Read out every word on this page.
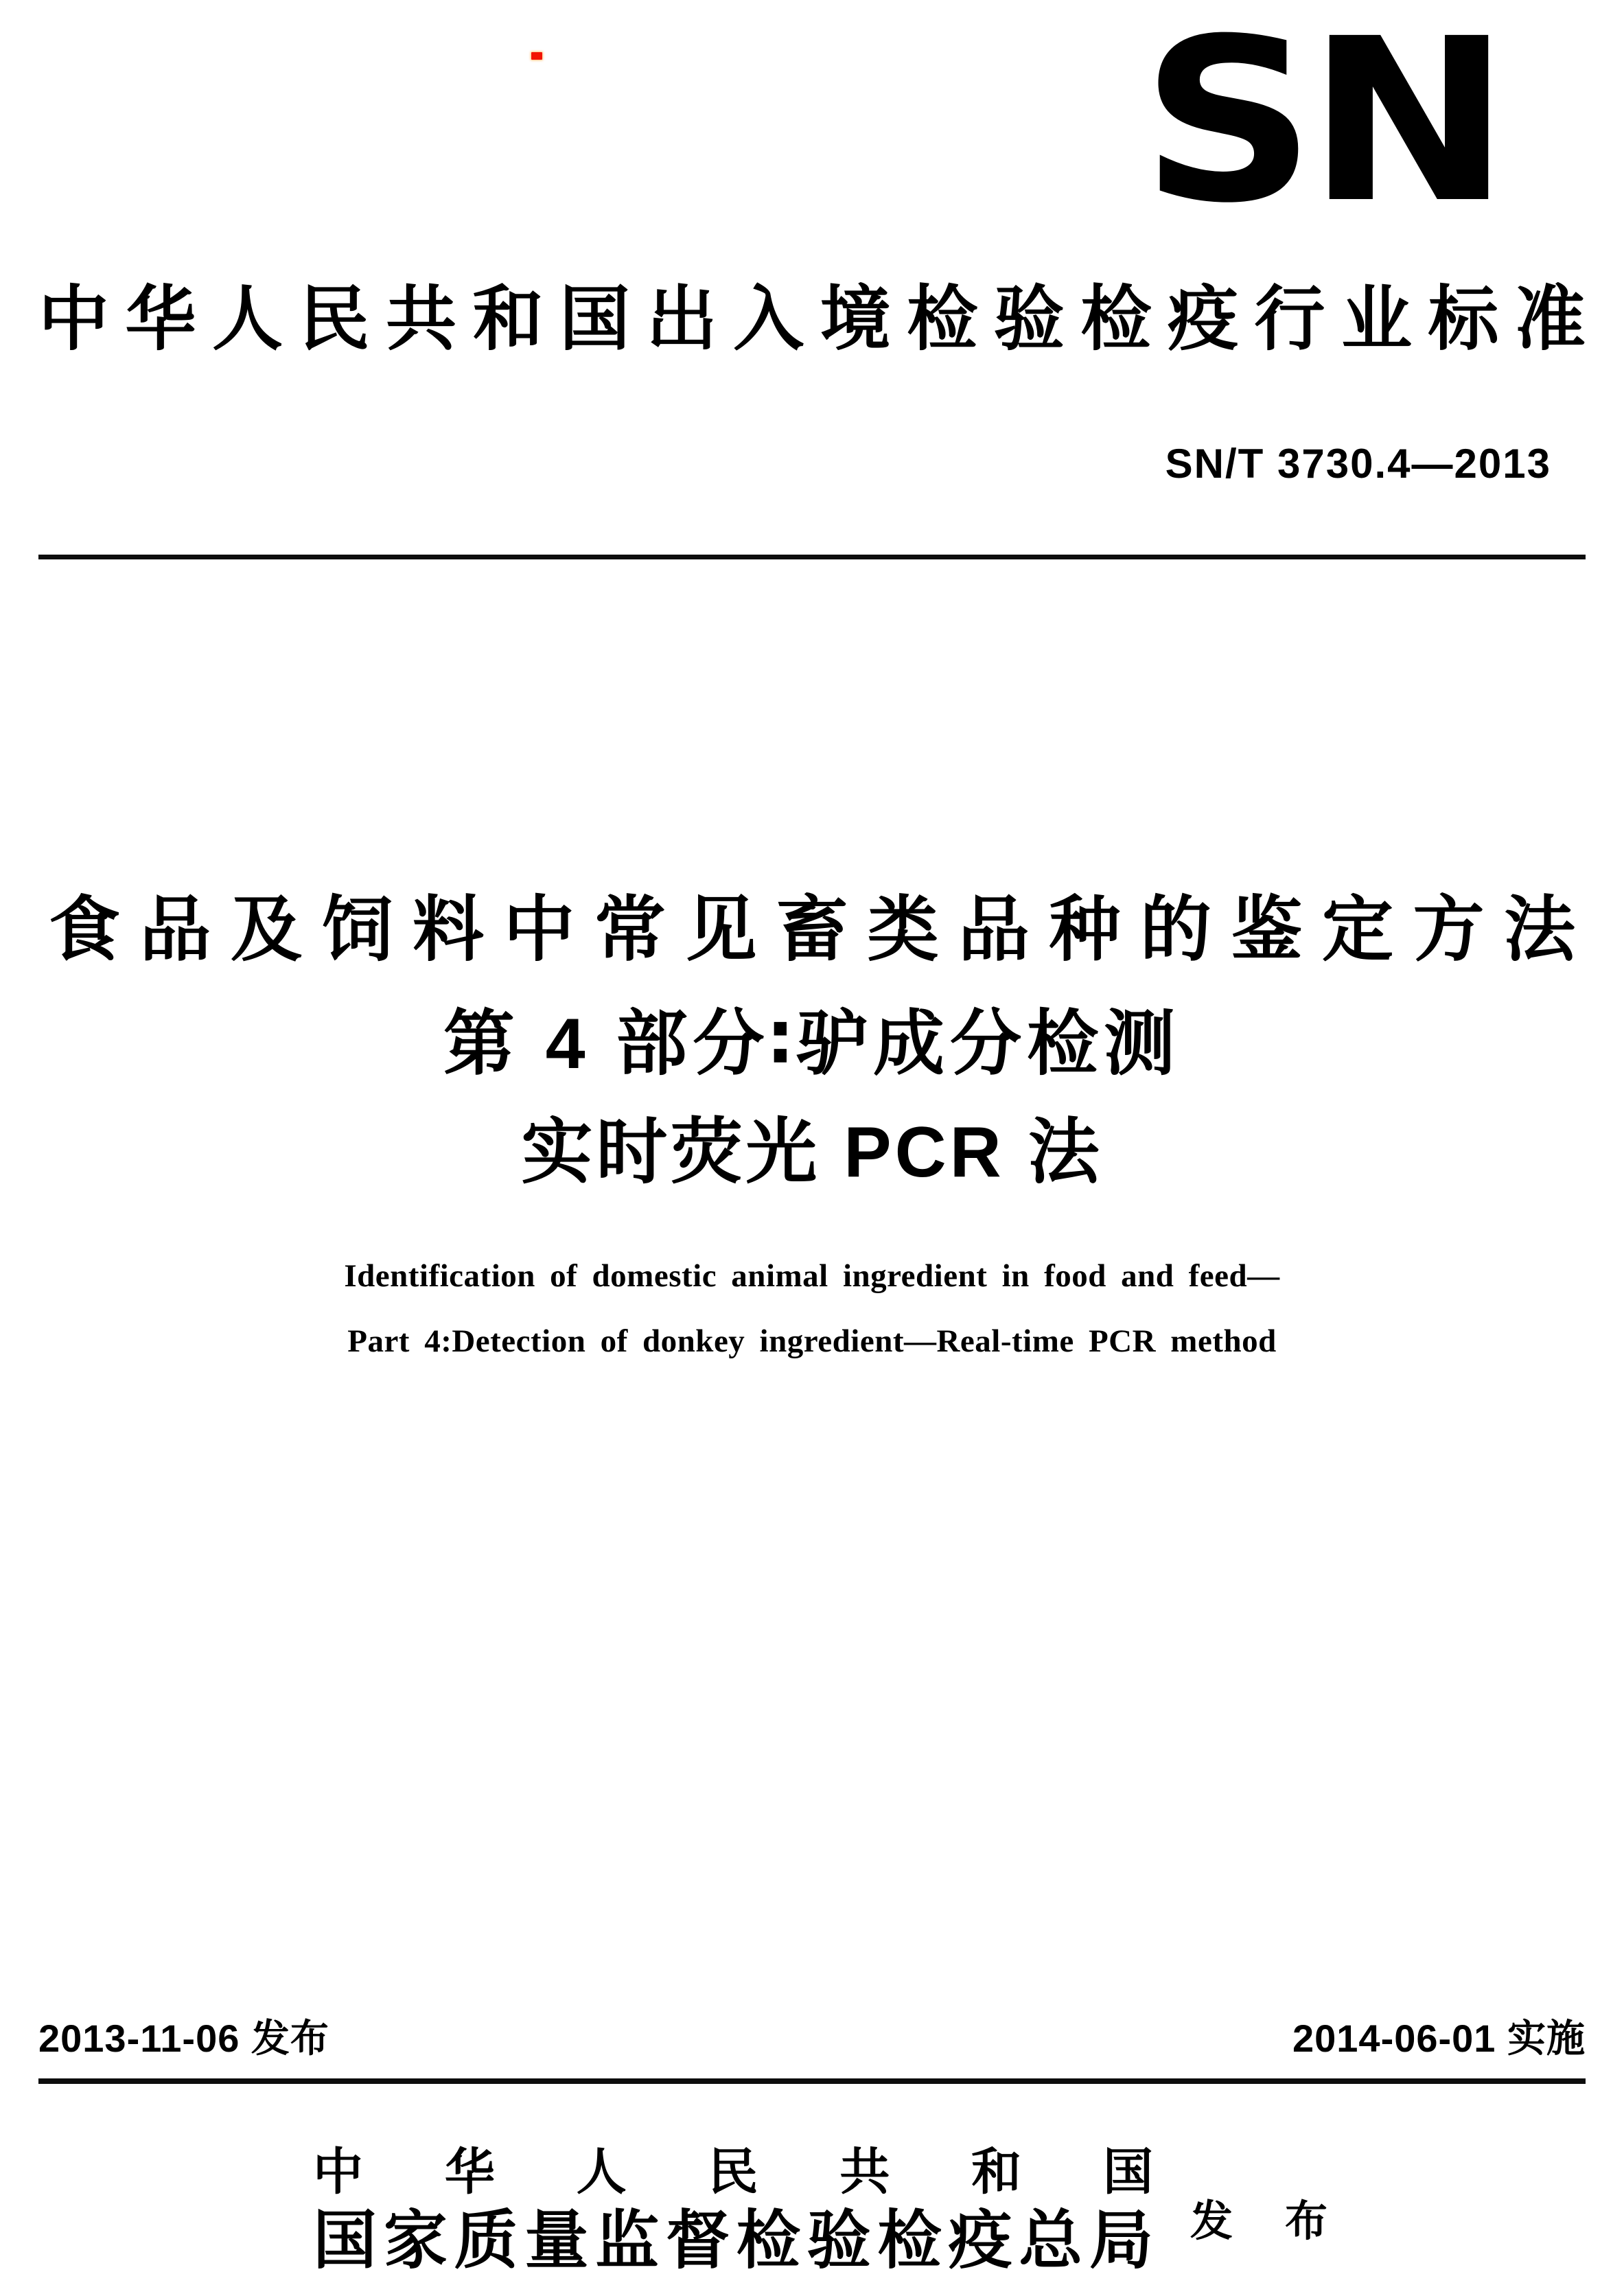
SN
中华人民共和国出入境检验检疫行业标准
SN/T 3730.4—2013
食品及饲料中常见畜类品种的鉴定方法
第 4 部分∶驴成分检测
实时荧光 PCR 法
Identification of domestic animal ingredient in food and feed—
Part 4:Detection of donkey ingredient—Real-time PCR method
2013-11-06 发布	2014-06-01 实施
中华人民共和国
国家质量监督检验检疫总局 发布
